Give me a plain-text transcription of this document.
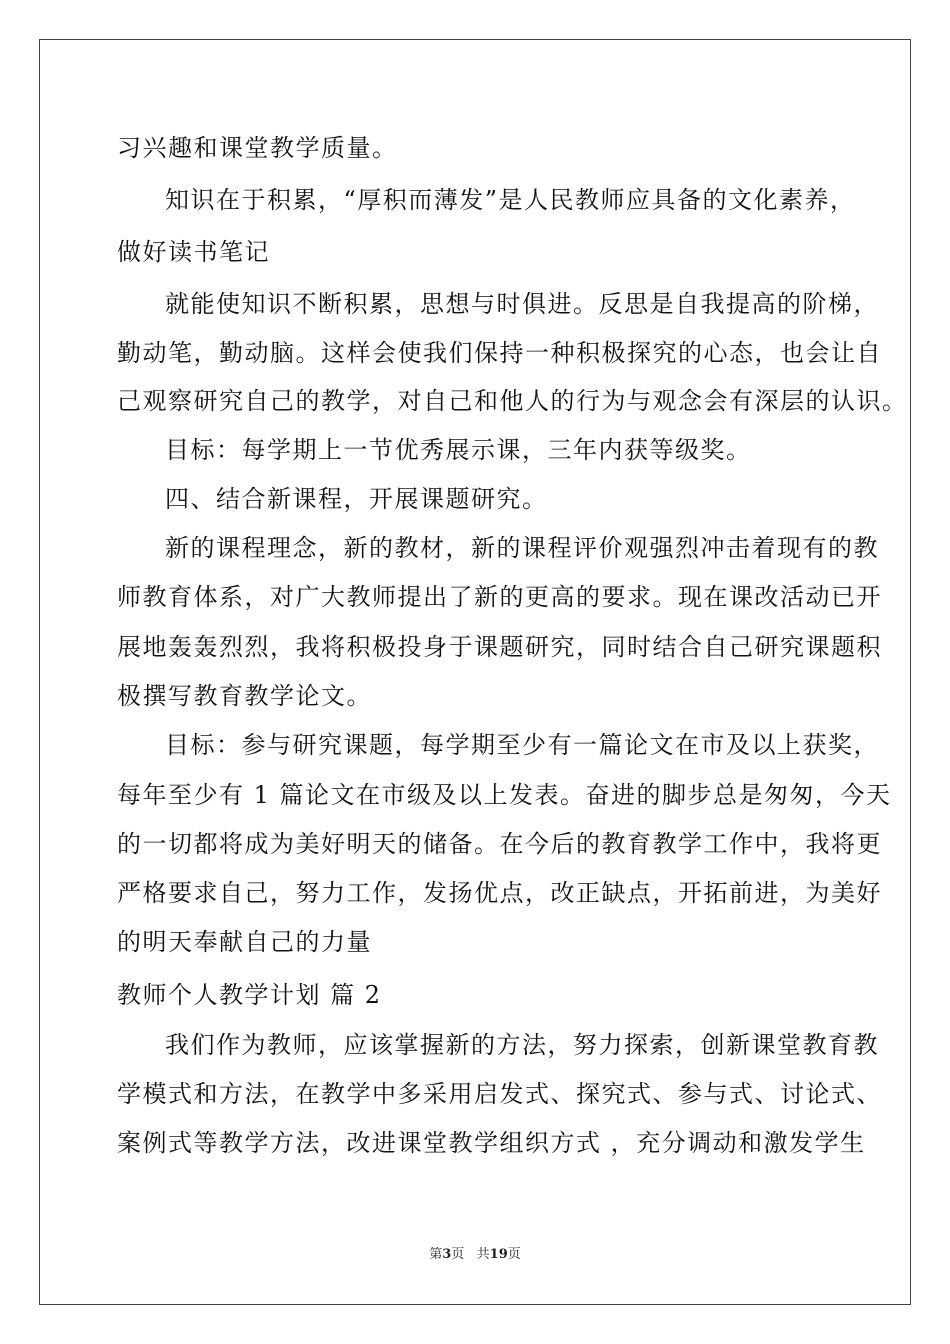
习兴趣和课堂教学质量。
知识在于积累，“厚积而薄发”是人民教师应具备的文化素养，
做好读书笔记
就能使知识不断积累，思想与时俱进。反思是自我提高的阶梯，
勤动笔，勤动脑。这样会使我们保持一种积极探究的心态，也会让自
己观察研究自己的教学，对自己和他人的行为与观念会有深层的认识。
目标：每学期上一节优秀展示课，三年内获等级奖。
四、结合新课程，开展课题研究。
新的课程理念，新的教材，新的课程评价观强烈冲击着现有的教
师教育体系，对广大教师提出了新的更高的要求。现在课改活动已开
展地轰轰烈烈，我将积极投身于课题研究，同时结合自己研究课题积
极撰写教育教学论文。
目标：参与研究课题，每学期至少有一篇论文在市及以上获奖，
每年至少有 1 篇论文在市级及以上发表。奋进的脚步总是匆匆，今天
的一切都将成为美好明天的储备。在今后的教育教学工作中，我将更
严格要求自己，努力工作，发扬优点，改正缺点，开拓前进，为美好
的明天奉献自己的力量
教师个人教学计划 篇 2
我们作为教师，应该掌握新的方法，努力探索，创新课堂教育教
学模式和方法，在教学中多采用启发式、探究式、参与式、讨论式、
案例式等教学方法，改进课堂教学组织方式 ，充分调动和激发学生
第3页   共19页
